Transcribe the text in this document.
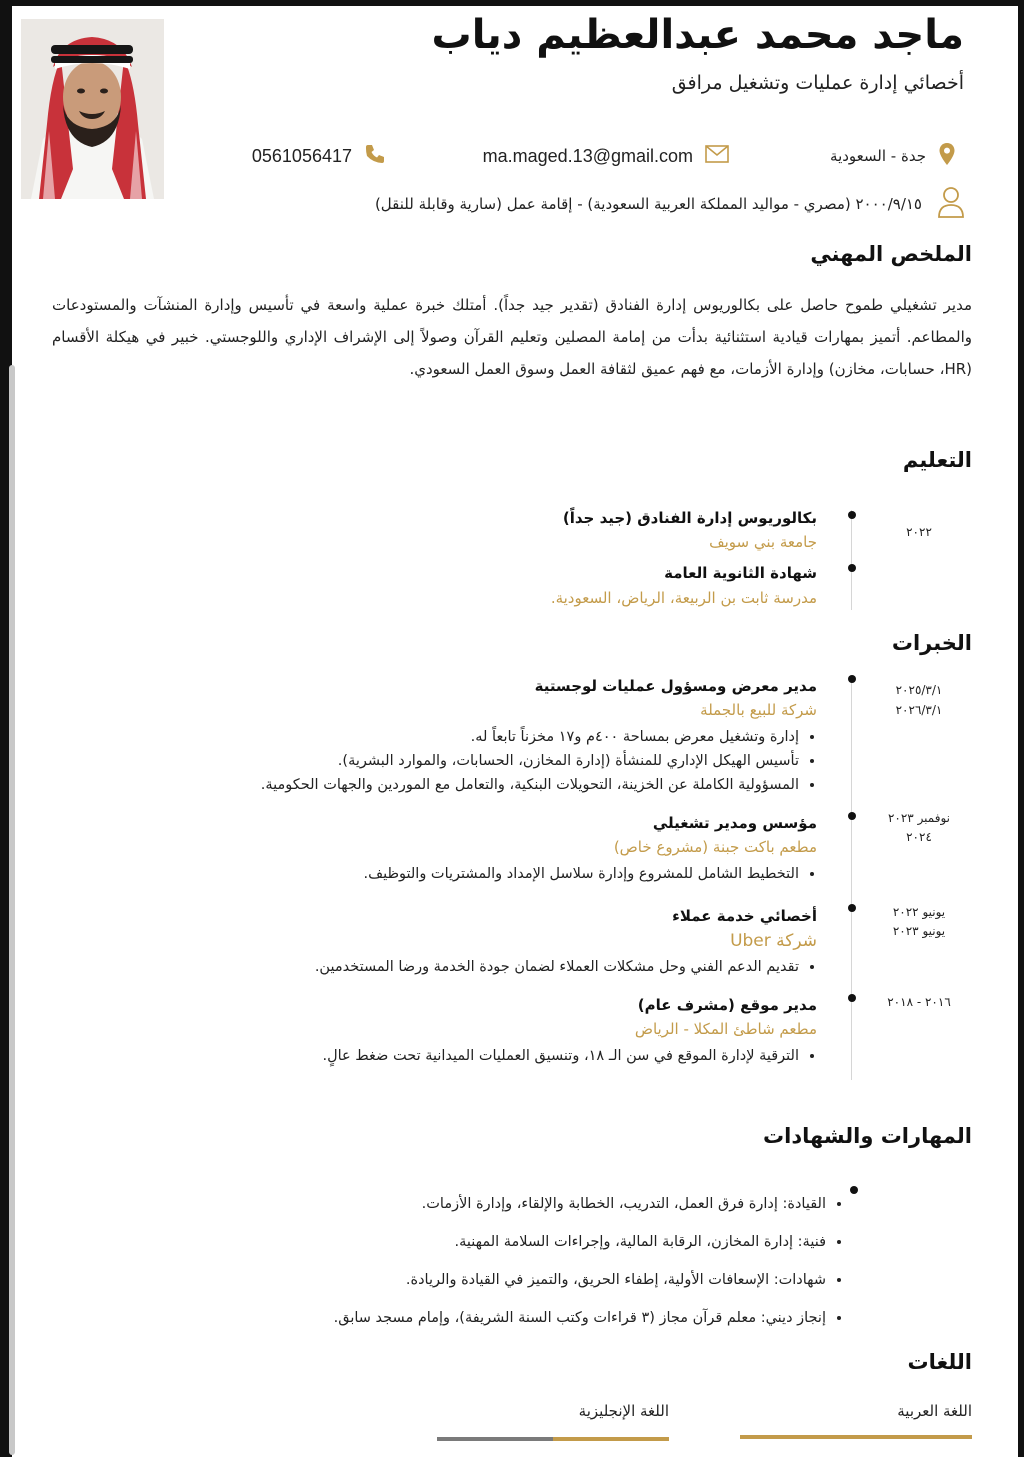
ماجد محمد عبدالعظيم دياب
أخصائي إدارة عمليات وتشغيل مرافق
جدة - السعودية
ma.maged.13@gmail.com
0561056417
٢٠٠٠/٩/١٥ (مصري - مواليد المملكة العربية السعودية) - إقامة عمل (سارية وقابلة للنقل)
الملخص المهني
مدير تشغيلي طموح حاصل على بكالوريوس إدارة الفنادق (تقدير جيد جداً). أمتلك خبرة عملية واسعة في تأسيس وإدارة المنشآت والمستودعات والمطاعم. أتميز بمهارات قيادية استثنائية بدأت من إمامة المصلين وتعليم القرآن وصولاً إلى الإشراف الإداري واللوجستي. خبير في هيكلة الأقسام (HR، حسابات، مخازن) وإدارة الأزمات، مع فهم عميق لثقافة العمل وسوق العمل السعودي.
التعليم
٢٠٢٢
بكالوريوس إدارة الفنادق (جيد جداً)
جامعة بني سويف
شهادة الثانوية العامة
مدرسة ثابت بن الربيعة، الرياض، السعودية.
الخبرات
٢٠٢٥/٣/١
٢٠٢٦/٣/١
مدير معرض ومسؤول عمليات لوجستية
شركة للبيع بالجملة
• إدارة وتشغيل معرض بمساحة ٤٠٠م و١٧ مخزناً تابعاً له.
• تأسيس الهيكل الإداري للمنشأة (إدارة المخازن، الحسابات، والموارد البشرية).
• المسؤولية الكاملة عن الخزينة، التحويلات البنكية، والتعامل مع الموردين والجهات الحكومية.
نوفمبر ٢٠٢٣
٢٠٢٤
مؤسس ومدير تشغيلي
مطعم باكت جبنة (مشروع خاص)
• التخطيط الشامل للمشروع وإدارة سلاسل الإمداد والمشتريات والتوظيف.
يونيو ٢٠٢٢
يونيو ٢٠٢٣
أخصائي خدمة عملاء
شركة Uber
• تقديم الدعم الفني وحل مشكلات العملاء لضمان جودة الخدمة ورضا المستخدمين.
٢٠١٦ - ٢٠١٨
مدير موقع (مشرف عام)
مطعم شاطئ المكلا - الرياض
• الترقية لإدارة الموقع في سن الـ ١٨، وتنسيق العمليات الميدانية تحت ضغط عالٍ.
المهارات والشهادات
• القيادة: إدارة فرق العمل، التدريب، الخطابة والإلقاء، وإدارة الأزمات.
• فنية: إدارة المخازن، الرقابة المالية، وإجراءات السلامة المهنية.
• شهادات: الإسعافات الأولية، إطفاء الحريق، والتميز في القيادة والريادة.
• إنجاز ديني: معلم قرآن مجاز (٣ قراءات وكتب السنة الشريفة)، وإمام مسجد سابق.
اللغات
اللغة العربية
اللغة الإنجليزية
